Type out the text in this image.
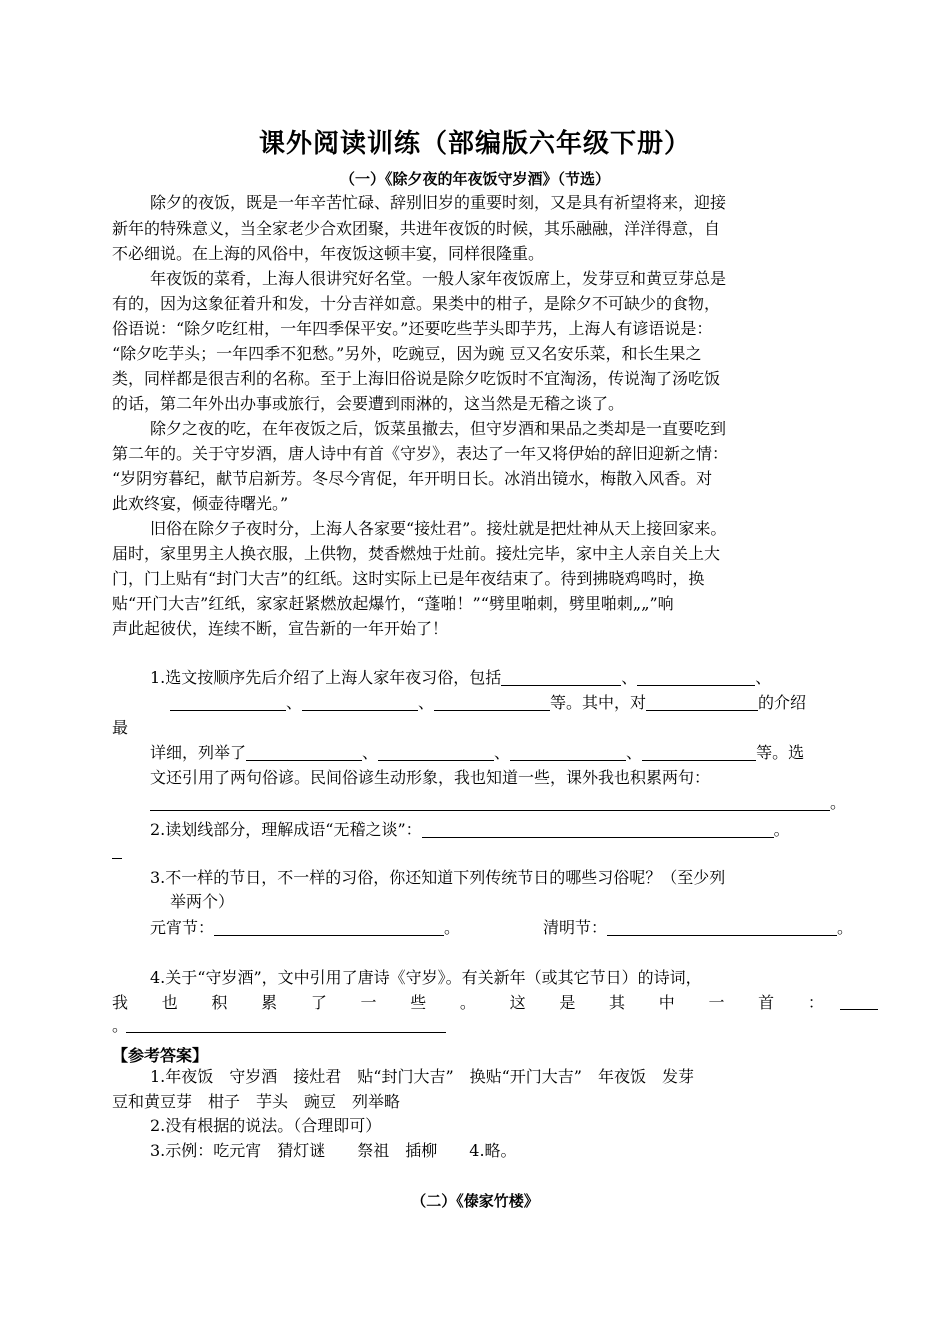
课外阅读训练（部编版六年级下册）
（一）《除夕夜的年夜饭守岁酒》（节选）
除夕的夜饭，既是一年辛苦忙碌、辞别旧岁的重要时刻，又是具有祈望将来，迎接
新年的特殊意义，当全家老少合欢团聚，共进年夜饭的时候，其乐融融，洋洋得意，自
不必细说。在上海的风俗中，年夜饭这顿丰宴，同样很隆重。
年夜饭的菜肴，上海人很讲究好名堂。一般人家年夜饭席上，发芽豆和黄豆芽总是
有的，因为这象征着升和发，十分吉祥如意。果类中的柑子，是除夕不可缺少的食物，
俗语说：“除夕吃红柑，一年四季保平安。”还要吃些芋头即芋艿，上海人有谚语说是：
“除夕吃芋头；一年四季不犯愁。”另外，吃豌豆，因为豌 豆又名安乐菜，和长生果之
类，同样都是很吉利的名称。至于上海旧俗说是除夕吃饭时不宜淘汤，传说淘了汤吃饭
的话，第二年外出办事或旅行，会要遭到雨淋的，这当然是无稽之谈了。
除夕之夜的吃，在年夜饭之后，饭菜虽撤去，但守岁酒和果品之类却是一直要吃到
第二年的。关于守岁酒，唐人诗中有首《守岁》，表达了一年又将伊始的辞旧迎新之情：
“岁阴穷暮纪，献节启新芳。冬尽今宵促，年开明日长。冰消出镜水，梅散入风香。对
此欢终宴，倾壶待曙光。”
旧俗在除夕子夜时分，上海人各家要“接灶君”。接灶就是把灶神从天上接回家来。
届时，家里男主人换衣服，上供物，焚香燃烛于灶前。接灶完毕，家中主人亲自关上大
门，门上贴有“封门大吉”的红纸。这时实际上已是年夜结束了。待到拂晓鸡鸣时，换
贴“开门大吉”红纸，家家赶紧燃放起爆竹，“蓬啪！”“劈里啪刺，劈里啪刺„„”响
声此起彼伏，连续不断，宣告新的一年开始了！
1.选文按顺序先后介绍了上海人家年夜习俗，包括	、	、
、	、	等。其中，对	的介绍
最
详细，列举了	、	、	、	等。选
文还引用了两句俗谚。民间俗谚生动形象，我也知道一些，课外我也积累两句：
。
2.读划线部分，理解成语“无稽之谈”：	。
3.不一样的节日，不一样的习俗，你还知道下列传统节日的哪些习俗呢？（至少列
举两个）
元宵节：	。	清明节：	。
4.关于“守岁酒”，文中引用了唐诗《守岁》。有关新年（或其它节日）的诗词，
我 也 积 累 了 一 些 。 这 是 其 中 一 首 ：
。
【参考答案】
1.年夜饭　守岁酒　接灶君　贴“封门大吉”　换贴“开门大吉”　年夜饭　发芽
豆和黄豆芽　柑子　芋头　豌豆　列举略
2.没有根据的说法。（合理即可）
3.示例：吃元宵　猜灯谜　　祭祖　插柳　　4.略。
（二）《傣家竹楼》
